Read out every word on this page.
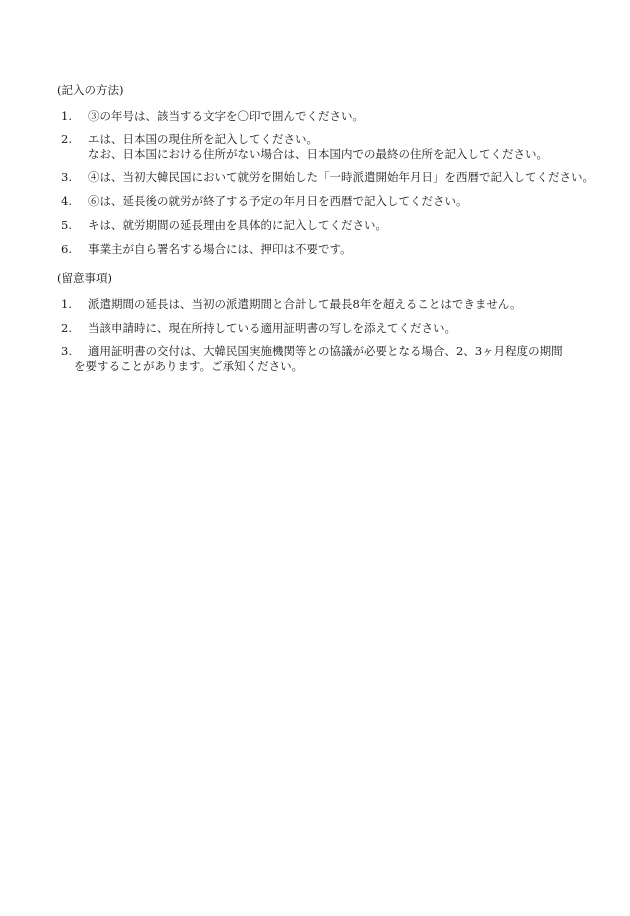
(記入の方法)
1.	③の年号は、該当する文字を〇印で囲んでください。
2.	エは、日本国の現住所を記入してください。
なお、日本国における住所がない場合は、日本国内での最終の住所を記入してください。
3.	④は、当初大韓民国において就労を開始した「一時派遣開始年月日」を西暦で記入してください。
4.	⑥は、延長後の就労が終了する予定の年月日を西暦で記入してください。
5.	キは、就労期間の延長理由を具体的に記入してください。
6.	事業主が自ら署名する場合には、押印は不要です。
(留意事項)
1.	派遣期間の延長は、当初の派遣期間と合計して最長8年を超えることはできません。
2.	当該申請時に、現在所持している適用証明書の写しを添えてください。
3.	適用証明書の交付は、大韓民国実施機関等との協議が必要となる場合、2、3ヶ月程度の期間
を要することがあります。ご承知ください。
